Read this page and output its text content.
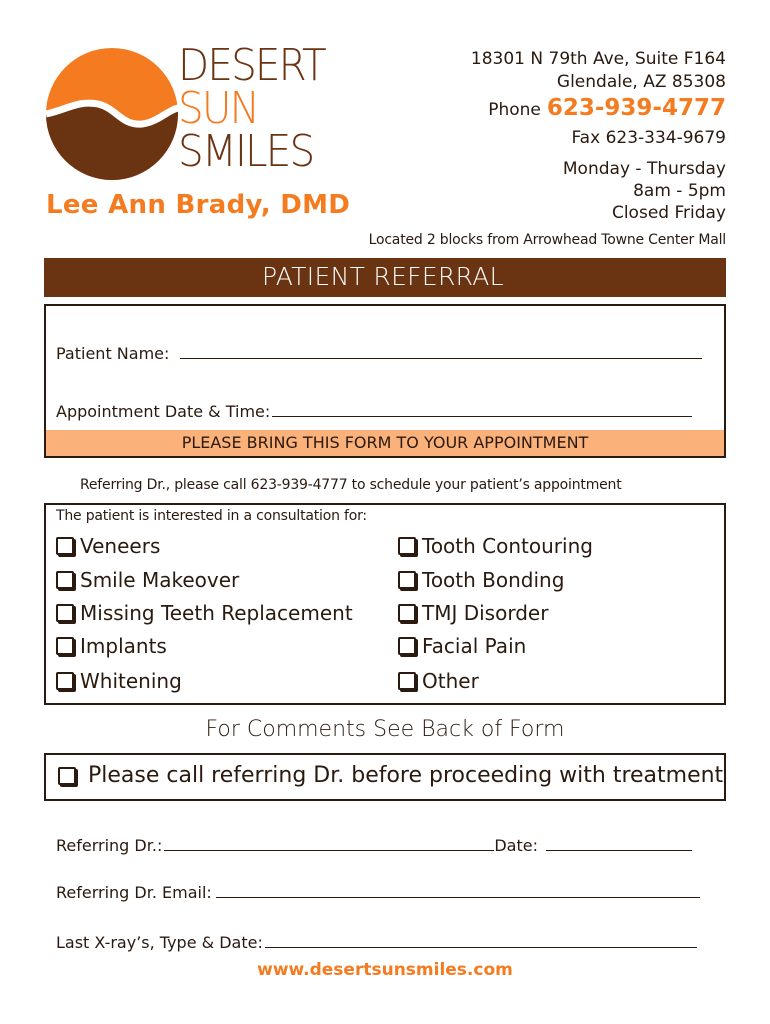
DESERT
SUN
SMILES
Lee Ann Brady, DMD
18301 N 79th Ave, Suite F164
Glendale, AZ 85308
Phone 623-939-4777
Fax 623-334-9679
Monday - Thursday
8am - 5pm
Closed Friday
Located 2 blocks from Arrowhead Towne Center Mall
PATIENT REFERRAL
Patient Name:
Appointment Date & Time:
PLEASE BRING THIS FORM TO YOUR APPOINTMENT
Referring Dr., please call 623-939-4777 to schedule your patient’s appointment
The patient is interested in a consultation for:
Veneers
Smile Makeover
Missing Teeth Replacement
Implants
Whitening
Tooth Contouring
Tooth Bonding
TMJ Disorder
Facial Pain
Other
For Comments See Back of Form
Please call referring Dr. before proceeding with treatment
Referring Dr.:	Date:
Referring Dr. Email:
Last X-ray’s, Type & Date:
www.desertsunsmiles.com
